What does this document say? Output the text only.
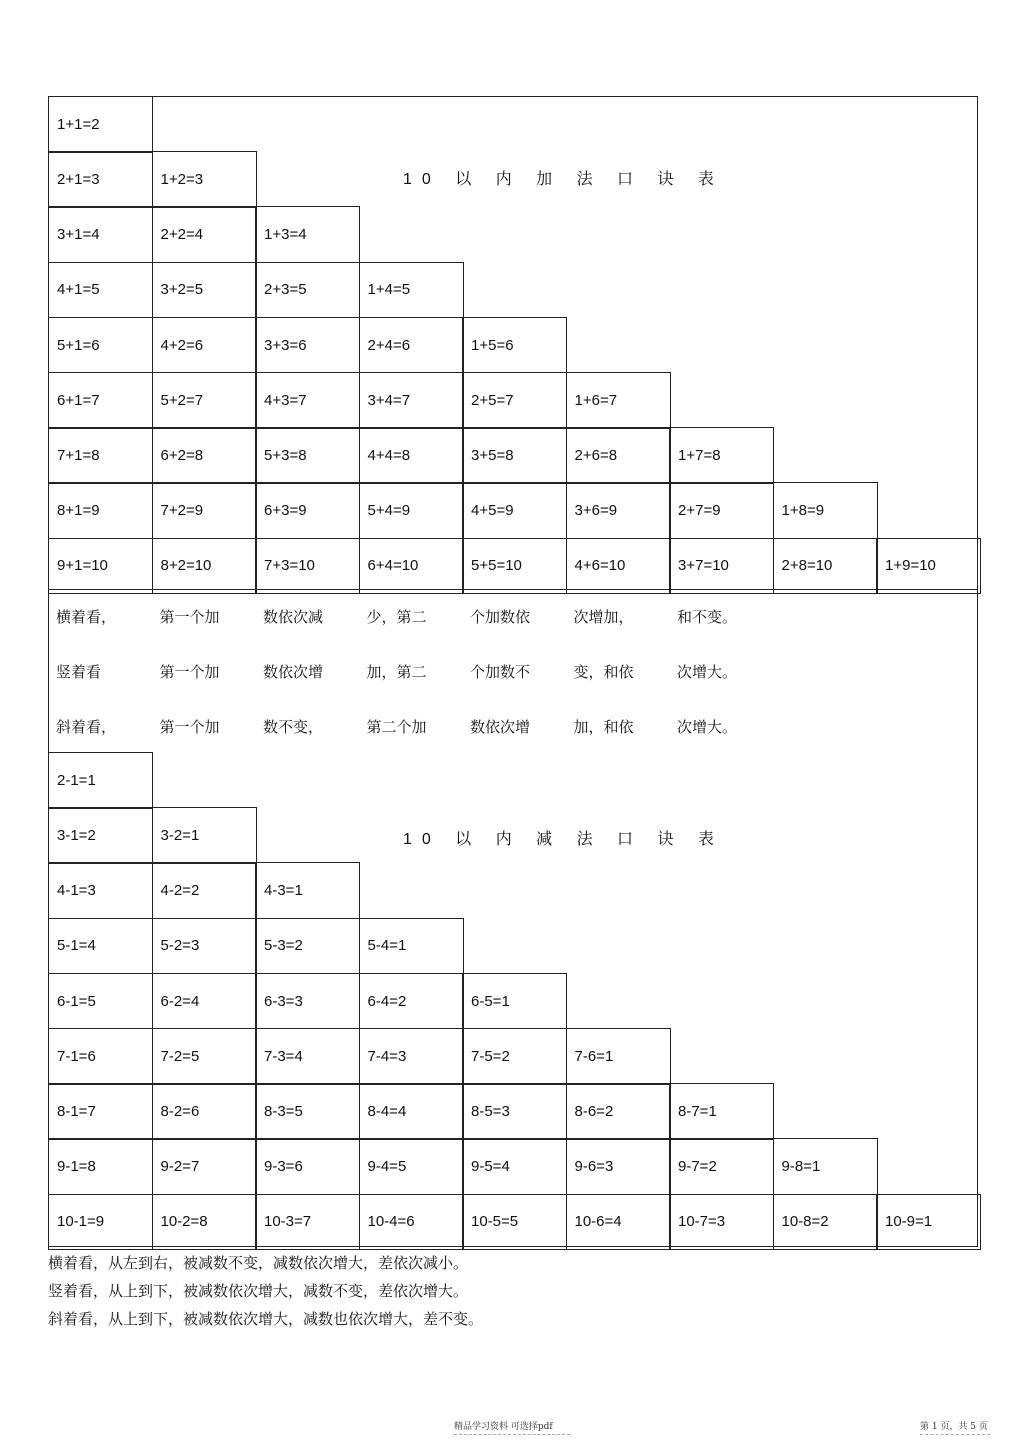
10 以 内 加 法 口 诀 表
10 以 内 减 法 口 诀 表
1+1=2
2+1=3	1+2=3
3+1=4	2+2=4	1+3=4
4+1=5	3+2=5	2+3=5	1+4=5
5+1=6	4+2=6	3+3=6	2+4=6	1+5=6
6+1=7	5+2=7	4+3=7	3+4=7	2+5=7	1+6=7
7+1=8	6+2=8	5+3=8	4+4=8	3+5=8	2+6=8	1+7=8
8+1=9	7+2=9	6+3=9	5+4=9	4+5=9	3+6=9	2+7=9	1+8=9
9+1=10	8+2=10	7+3=10	6+4=10	5+5=10	4+6=10	3+7=10	2+8=10	1+9=10
横着看，	第一个加	数依次减	少，第二	个加数依	次增加，	和不变。
竖着看	第一个加	数依次增	加，第二	个加数不	变，和依	次增大。
斜着看，	第一个加	数不变，	第二个加	数依次增	加，和依	次增大。
2-1=1
3-1=2	3-2=1
4-1=3	4-2=2	4-3=1
5-1=4	5-2=3	5-3=2	5-4=1
6-1=5	6-2=4	6-3=3	6-4=2	6-5=1
7-1=6	7-2=5	7-3=4	7-4=3	7-5=2	7-6=1
8-1=7	8-2=6	8-3=5	8-4=4	8-5=3	8-6=2	8-7=1
9-1=8	9-2=7	9-3=6	9-4=5	9-5=4	9-6=3	9-7=2	9-8=1
10-1=9	10-2=8	10-3=7	10-4=6	10-5=5	10-6=4	10-7=3	10-8=2	10-9=1
横着看，从左到右，被减数不变，减数依次增大，差依次减小。
竖着看，从上到下，被减数依次增大，减数不变，差依次增大。
斜着看，从上到下，被减数依次增大，减数也依次增大，差不变。
精品学习资料 可选择pdf	第 1 页，共 5 页
